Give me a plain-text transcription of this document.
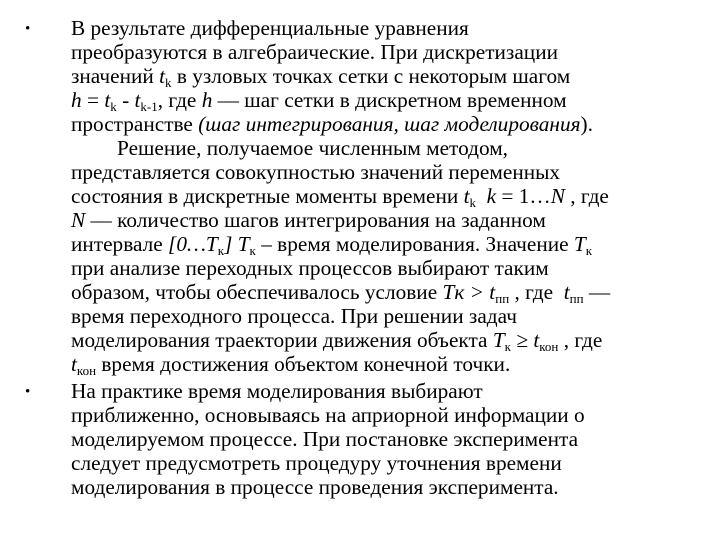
• В результате дифференциальные уравнения
преобразуются в алгебраические. При дискретизации
значений $t_k$ в узловых точках сетки с некоторым шагом
$h = t_k - t_{k-1}$, где h — шаг сетки в дискретном временном
пространстве (шаг интегрирования, шаг моделирования).
Решение, получаемое численным методом,
представляется совокупностью значений переменных
состояния в дискретные моменты времени $t_k$ k = 1…N , где
N — количество шагов интегрирования на заданном
интервале $[0\dots T_к]$ $T_к$ – время моделирования. Значение $T_к$
при анализе переходных процессов выбирают таким
образом, чтобы обеспечивалось условие Tк > $t_{пп}$ , где  $t_{пп}$ —
время переходного процесса. При решении задач
моделирования траектории движения объекта $T_к \ge t_{кон}$ , где
$t_{кон}$ время достижения объектом конечной точки.
• На практике время моделирования выбирают
приближенно, основываясь на априорной информации о
моделируемом процессе. При постановке эксперимента
следует предусмотреть процедуру уточнения времени
моделирования в процессе проведения эксперимента.
